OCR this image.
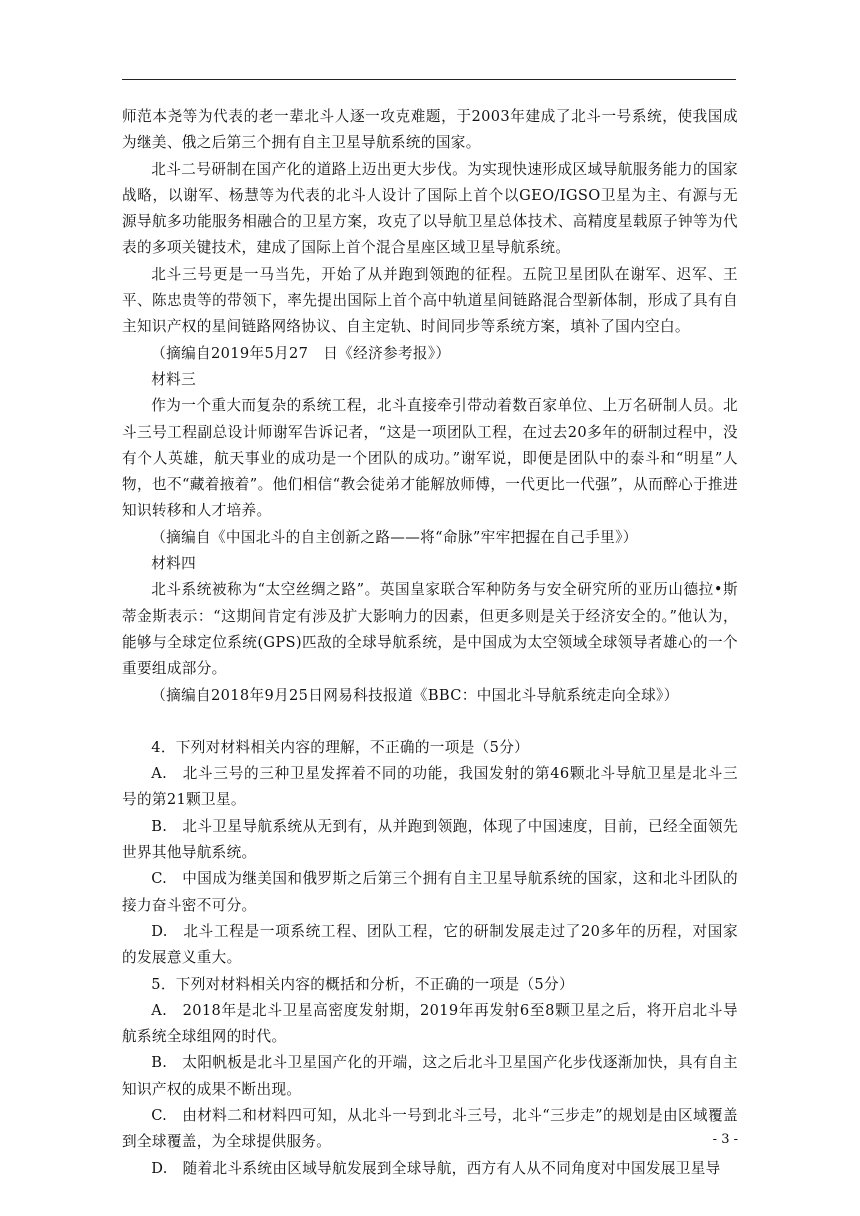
师范本尧等为代表的老一辈北斗人逐一攻克难题，于2003年建成了北斗一号系统，使我国成为继美、俄之后第三个拥有自主卫星导航系统的国家。

北斗二号研制在国产化的道路上迈出更大步伐。为实现快速形成区域导航服务能力的国家战略，以谢军、杨慧等为代表的北斗人设计了国际上首个以GEO/IGSO卫星为主、有源与无源导航多功能服务相融合的卫星方案，攻克了以导航卫星总体技术、高精度星载原子钟等为代表的多项关键技术，建成了国际上首个混合星座区域卫星导航系统。

北斗三号更是一马当先，开始了从并跑到领跑的征程。五院卫星团队在谢军、迟军、王平、陈忠贵等的带领下，率先提出国际上首个高中轨道星间链路混合型新体制，形成了具有自主知识产权的星间链路网络协议、自主定轨、时间同步等系统方案，填补了国内空白。

（摘编自2019年5月27　日《经济参考报》）

材料三

作为一个重大而复杂的系统工程，北斗直接牵引带动着数百家单位、上万名研制人员。北斗三号工程副总设计师谢军告诉记者，“这是一项团队工程，在过去20多年的研制过程中，没有个人英雄，航天事业的成功是一个团队的成功。”谢军说，即便是团队中的泰斗和“明星”人物，也不“藏着掖着”。他们相信“教会徒弟才能解放师傅，一代更比一代强”，从而醉心于推进知识转移和人才培养。

（摘编自《中国北斗的自主创新之路——将“命脉”牢牢把握在自己手里》）

材料四

北斗系统被称为“太空丝绸之路”。英国皇家联合军种防务与安全研究所的亚历山德拉•斯蒂金斯表示：“这期间肯定有涉及扩大影响力的因素，但更多则是关于经济安全的。”他认为，能够与全球定位系统(GPS)匹敌的全球导航系统，是中国成为太空领域全球领导者雄心的一个重要组成部分。

（摘编自2018年9月25日网易科技报道《BBC：中国北斗导航系统走向全球》）

4．下列对材料相关内容的理解，不正确的一项是（5分）

A.　北斗三号的三种卫星发挥着不同的功能，我国发射的第46颗北斗导航卫星是北斗三号的第21颗卫星。

B.　北斗卫星导航系统从无到有，从并跑到领跑，体现了中国速度，目前，已经全面领先世界其他导航系统。

C.　中国成为继美国和俄罗斯之后第三个拥有自主卫星导航系统的国家，这和北斗团队的接力奋斗密不可分。

D.　北斗工程是一项系统工程、团队工程，它的研制发展走过了20多年的历程，对国家的发展意义重大。

5．下列对材料相关内容的概括和分析，不正确的一项是（5分）

A.　2018年是北斗卫星高密度发射期，2019年再发射6至8颗卫星之后，将开启北斗导航系统全球组网的时代。

B.　太阳帆板是北斗卫星国产化的开端，这之后北斗卫星国产化步伐逐渐加快，具有自主知识产权的成果不断出现。

C.　由材料二和材料四可知，从北斗一号到北斗三号，北斗“三步走”的规划是由区域覆盖到全球覆盖，为全球提供服务。

D.　随着北斗系统由区域导航发展到全球导航，西方有人从不同角度对中国发展卫星导

- 3 -
